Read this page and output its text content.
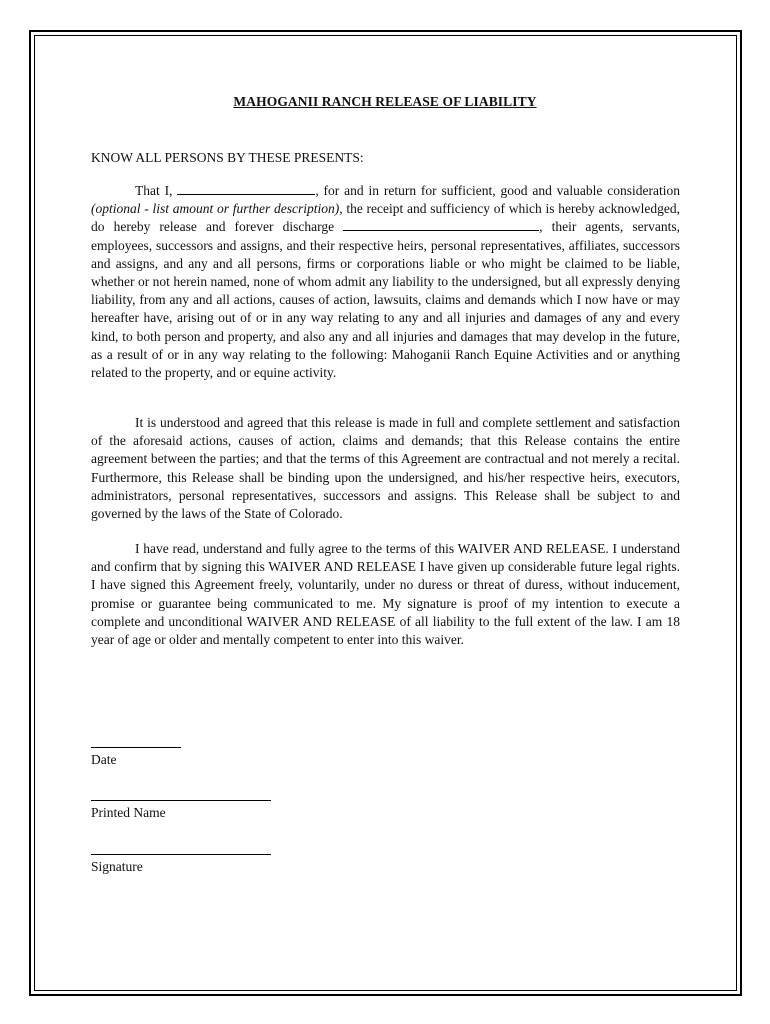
MAHOGANII RANCH RELEASE OF LIABILITY
KNOW ALL PERSONS BY THESE PRESENTS:

That I,	, for and in return for sufficient, good and valuable consideration (optional - list amount or further description), the receipt and sufficiency of which is hereby acknowledged, do hereby release and forever discharge	, their agents, servants, employees, successors and assigns, and their respective heirs, personal representatives, affiliates, successors and assigns, and any and all persons, firms or corporations liable or who might be claimed to be liable, whether or not herein named, none of whom admit any liability to the undersigned, but all expressly denying liability, from any and all actions, causes of action, lawsuits, claims and demands which I now have or may hereafter have, arising out of or in any way relating to any and all injuries and damages of any and every kind, to both person and property, and also any and all injuries and damages that may develop in the future, as a result of or in any way relating to the following: Mahoganii Ranch Equine Activities and or anything related to the property, and or equine activity.

It is understood and agreed that this release is made in full and complete settlement and satisfaction of the aforesaid actions, causes of action, claims and demands; that this Release contains the entire agreement between the parties; and that the terms of this Agreement are contractual and not merely a recital. Furthermore, this Release shall be binding upon the undersigned, and his/her respective heirs, executors, administrators, personal representatives, successors and assigns. This Release shall be subject to and governed by the laws of the State of Colorado.

I have read, understand and fully agree to the terms of this WAIVER AND RELEASE. I understand and confirm that by signing this WAIVER AND RELEASE I have given up considerable future legal rights. I have signed this Agreement freely, voluntarily, under no duress or threat of duress, without inducement, promise or guarantee being communicated to me. My signature is proof of my intention to execute a complete and unconditional WAIVER AND RELEASE of all liability to the full extent of the law. I am 18 year of age or older and mentally competent to enter into this waiver.

Date
Printed Name
Signature
